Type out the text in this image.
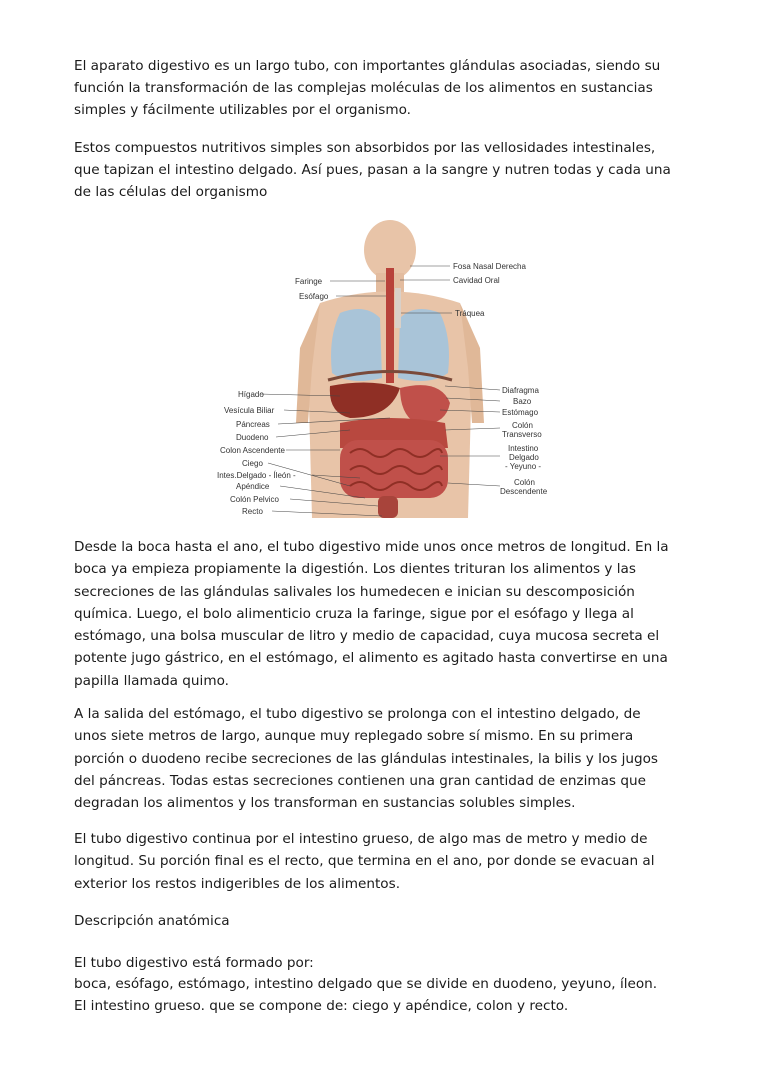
El aparato digestivo es un largo tubo, con importantes glándulas asociadas, siendo su
función la transformación de las complejas moléculas de los alimentos en sustancias
simples y fácilmente utilizables por el organismo.

Estos compuestos nutritivos simples son absorbidos por las vellosidades intestinales,
que tapizan el intestino delgado. Así pues, pasan a la sangre y nutren todas y cada una
de las células del organismo

Faringe
Esófago
Hígado
Vesícula Biliar
Páncreas
Duodeno
Colon Ascendente
Ciego
Intes.Delgado - Íleón -
Apéndice
Colón Pelvico
Recto
Fosa Nasal Derecha
Cavidad Oral
Tráquea
Diafragma
Bazo
Estómago
Colón
Transverso
Intestino
Delgado
- Yeyuno -
Colón
Descendente

Desde la boca hasta el ano, el tubo digestivo mide unos once metros de longitud. En la
boca ya empieza propiamente la digestión. Los dientes trituran los alimentos y las
secreciones de las glándulas salivales los humedecen e inician su descomposición
química. Luego, el bolo alimenticio cruza la faringe, sigue por el esófago y llega al
estómago, una bolsa muscular de litro y medio de capacidad, cuya mucosa secreta el
potente jugo gástrico, en el estómago, el alimento es agitado hasta convertirse en una
papilla llamada quimo.

A la salida del estómago, el tubo digestivo se prolonga con el intestino delgado, de
unos siete metros de largo, aunque muy replegado sobre sí mismo. En su primera
porción o duodeno recibe secreciones de las glándulas intestinales, la bilis y los jugos
del páncreas. Todas estas secreciones contienen una gran cantidad de enzimas que
degradan los alimentos y los transforman en sustancias solubles simples.

El tubo digestivo continua por el intestino grueso, de algo mas de metro y medio de
longitud. Su porción final es el recto, que termina en el ano, por donde se evacuan al
exterior los restos indigeribles de los alimentos.

Descripción anatómica

El tubo digestivo está formado por:

boca, esófago, estómago, intestino delgado que se divide en duodeno, yeyuno, íleon.
El intestino grueso. que se compone de: ciego y apéndice, colon y recto.
